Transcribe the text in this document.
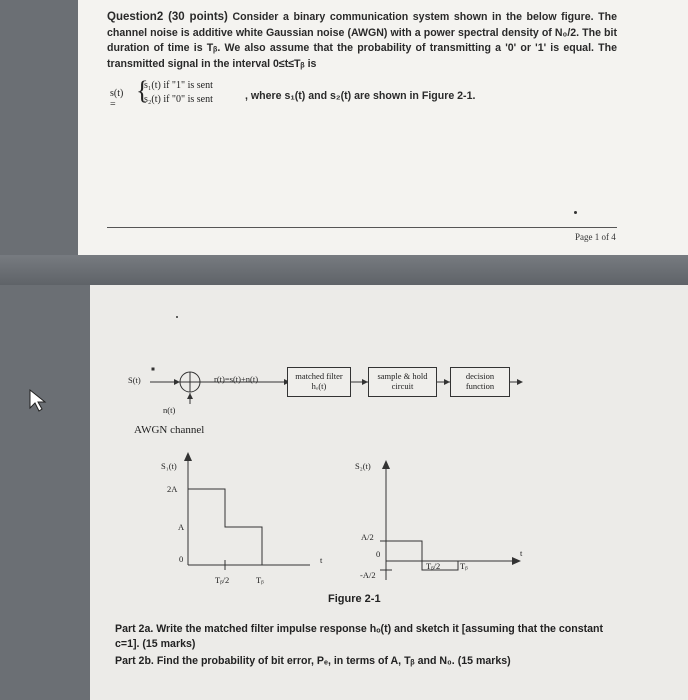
Question2 (30 points) Consider a binary communication system shown in the below figure. The channel noise is additive white Gaussian noise (AWGN) with a power spectral density of N₀/2. The bit duration of time is Tᵦ. We also assume that the probability of transmitting a '0' or '1' is equal. The transmitted signal in the interval 0≤t≤Tᵦ is
s(t) = {
s₁(t) if "1" is sent
s₂(t) if "0" is sent	, where s₁(t) and s₂(t) are shown in Figure 2-1.
Page 1 of 4
matched filter hₒ(t)
sample & hold circuit
decision function
S(t)
n(t)
r(t)=s(t)+n(t)
AWGN channel
S₁(t)
2A
A
0
Tᵦ/2	Tᵦ
t
S₂(t)
A/2
0
-A/2
Tᵦ/2 Tᵦ
t
Figure 2-1
Part 2a. Write the matched filter impulse response hₒ(t) and sketch it [assuming that the constant c=1]. (15 marks)
Part 2b. Find the probability of bit error, Pₑ, in terms of A, Tᵦ and N₀. (15 marks)
